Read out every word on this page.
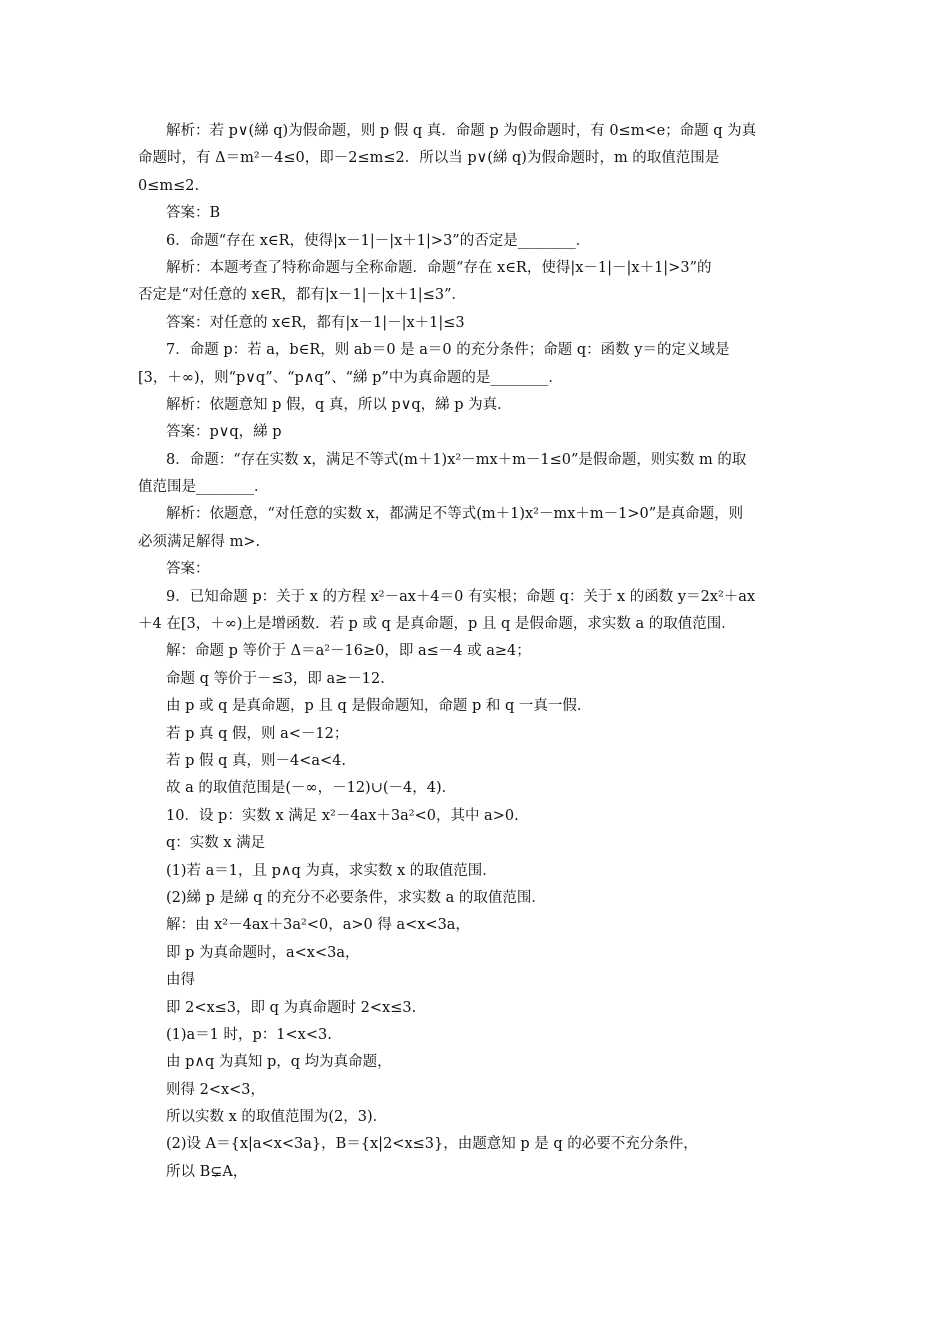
解析：若 p∨(綈 q)为假命题，则 p 假 q 真．命题 p 为假命题时，有 0≤m<e；命题 q 为真
命题时，有 Δ＝m²－4≤0，即－2≤m≤2．所以当 p∨(綈 q)为假命题时，m 的取值范围是
0≤m≤2.
答案：B
6．命题“存在 x∈R，使得|x－1|－|x＋1|>3”的否定是________．
解析：本题考查了特称命题与全称命题．命题“存在 x∈R，使得|x－1|－|x＋1|>3”的
否定是“对任意的 x∈R，都有|x－1|－|x＋1|≤3”．
答案：对任意的 x∈R，都有|x－1|－|x＋1|≤3
7．命题 p：若 a，b∈R，则 ab＝0 是 a＝0 的充分条件；命题 q：函数 y＝的定义域是
[3，＋∞)，则“p∨q”、“p∧q”、“綈 p”中为真命题的是________．
解析：依题意知 p 假，q 真，所以 p∨q，綈 p 为真．
答案：p∨q，綈 p
8．命题：“存在实数 x，满足不等式(m＋1)x²－mx＋m－1≤0”是假命题，则实数 m 的取
值范围是________．
解析：依题意，“对任意的实数 x，都满足不等式(m＋1)x²－mx＋m－1>0”是真命题，则
必须满足解得 m>.
答案：
9．已知命题 p：关于 x 的方程 x²－ax＋4＝0 有实根；命题 q：关于 x 的函数 y＝2x²＋ax
＋4 在[3，＋∞)上是增函数．若 p 或 q 是真命题，p 且 q 是假命题，求实数 a 的取值范围．
解：命题 p 等价于 Δ＝a²－16≥0，即 a≤－4 或 a≥4；
命题 q 等价于－≤3，即 a≥－12.
由 p 或 q 是真命题，p 且 q 是假命题知，命题 p 和 q 一真一假．
若 p 真 q 假，则 a<－12；
若 p 假 q 真，则－4<a<4.
故 a 的取值范围是(－∞，－12)∪(－4，4)．
10．设 p：实数 x 满足 x²－4ax＋3a²<0，其中 a>0.
q：实数 x 满足
(1)若 a＝1，且 p∧q 为真，求实数 x 的取值范围．
(2)綈 p 是綈 q 的充分不必要条件，求实数 a 的取值范围．
解：由 x²－4ax＋3a²<0，a>0 得 a<x<3a，
即 p 为真命题时，a<x<3a，
由得
即 2<x≤3，即 q 为真命题时 2<x≤3.
(1)a＝1 时，p：1<x<3.
由 p∧q 为真知 p，q 均为真命题，
则得 2<x<3，
所以实数 x 的取值范围为(2，3)．
(2)设 A＝{x|a<x<3a}，B＝{x|2<x≤3}，由题意知 p 是 q 的必要不充分条件，
所以 B⊊A，
